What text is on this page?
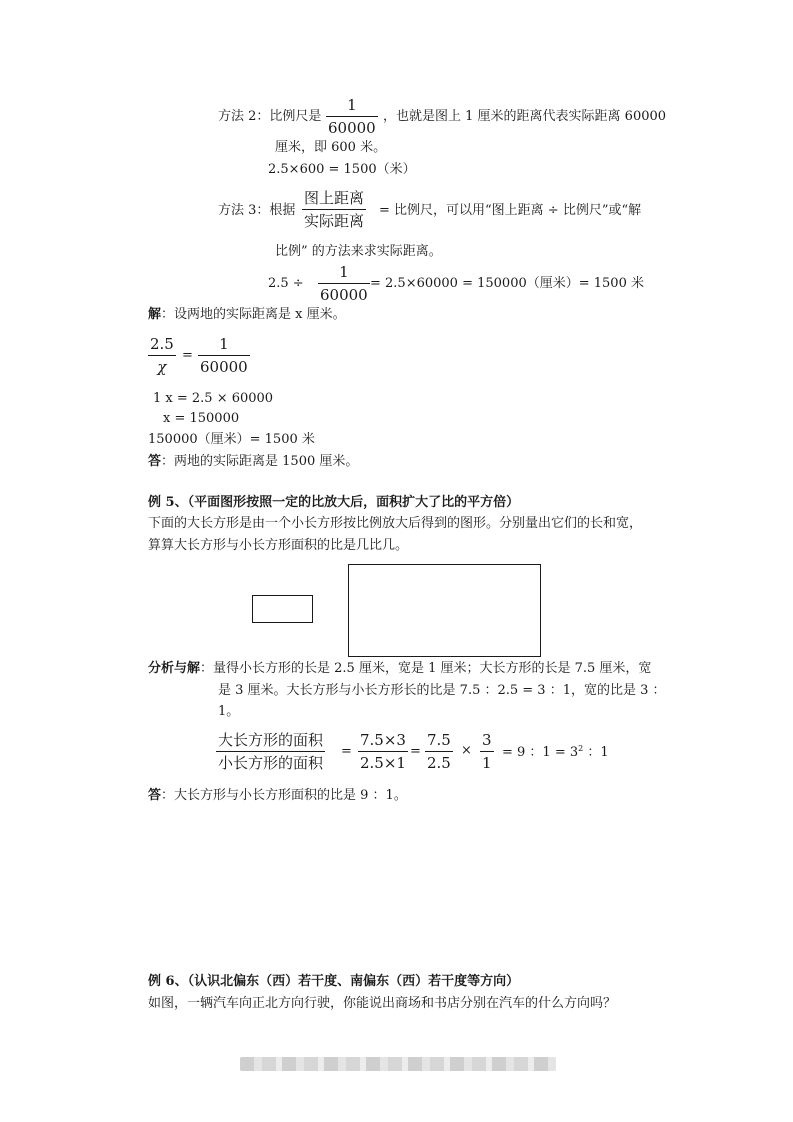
方法 2：比例尺是
1
60000
，也就是图上 1 厘米的距离代表实际距离 60000
厘米，即 600 米。
2.5×600 = 1500（米）
方法 3：根据
图上距离
实际距离
= 比例尺，可以用“图上距离 ÷ 比例尺”或“解
比例” 的方法来求实际距离。
2.5 ÷
1
60000
= 2.5×60000 = 150000（厘米）= 1500 米
解：设两地的实际距离是 x 厘米。
2.5
χ
=
1
60000
1 x = 2.5 × 60000
x = 150000
150000（厘米）= 1500 米
答：两地的实际距离是 1500 厘米。
例 5、（平面图形按照一定的比放大后，面积扩大了比的平方倍）
下面的大长方形是由一个小长方形按比例放大后得到的图形。分别量出它们的长和宽，
算算大长方形与小长方形面积的比是几比几。
分析与解：量得小长方形的长是 2.5 厘米，宽是 1 厘米；大长方形的长是 7.5 厘米，宽
是 3 厘米。大长方形与小长方形长的比是 7.5 ：2.5 = 3 ：1，宽的比是 3 ：
1。
大长方形的面积
小长方形的面积
=
7.5×3
2.5×1
=
7.5
2.5
×
3
1
= 9 ：$1 = 3^2$ ：1
答：大长方形与小长方形面积的比是 9 ：1。
例 6、（认识北偏东（西）若干度、南偏东（西）若干度等方向）
如图，一辆汽车向正北方向行驶，你能说出商场和书店分别在汽车的什么方向吗？
